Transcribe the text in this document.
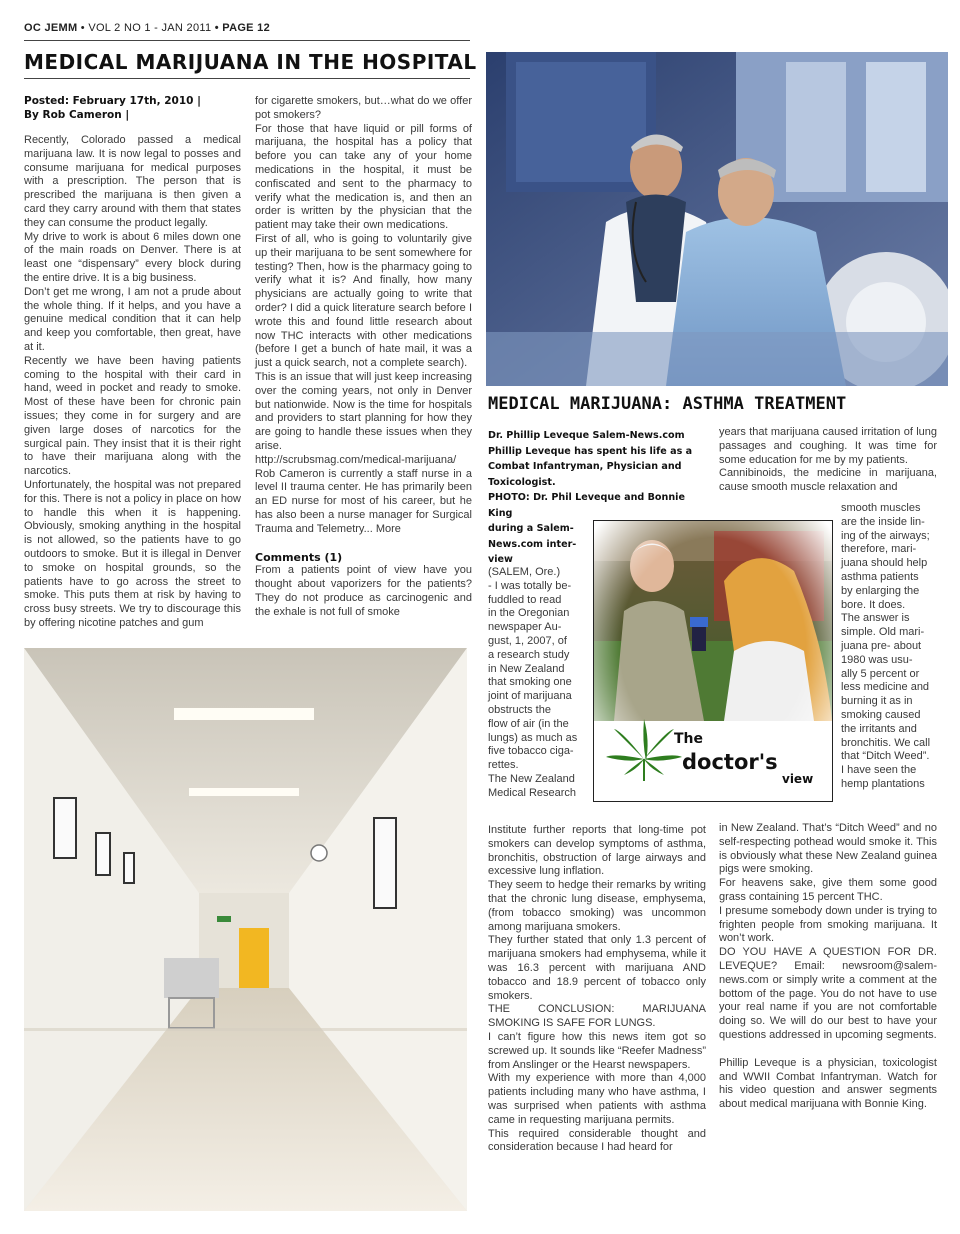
OC JEMM • VOL 2 NO 1 - JAN 2011 • PAGE 12
MEDICAL MARIJUANA IN THE HOSPITAL
Posted: February 17th, 2010 |
By Rob Cameron |

Recently, Colorado passed a medical marijuana law. It is now legal to posses and consume marijuana for medical purposes with a prescription. The person that is prescribed the marijuana is then given a card they carry around with them that states they can consume the product legally.

My drive to work is about 6 miles down one of the main roads on Denver. There is at least one “dispensary” every block during the entire drive. It is a big business.

Don’t get me wrong, I am not a prude about the whole thing. If it helps, and you have a genuine medical condition that it can help and keep you comfortable, then great, have at it.

Recently we have been having patients coming to the hospital with their card in hand, weed in pocket and ready to smoke. Most of these have been for chronic pain issues; they come in for surgery and are given large doses of narcotics for the surgical pain. They insist that it is their right to have their marijuana along with the narcotics.

Unfortunately, the hospital was not prepared for this. There is not a policy in place on how to handle this when it is happening. Obviously, smoking anything in the hospital is not allowed, so the patients have to go outdoors to smoke. But it is illegal in Denver to smoke on hospital grounds, so the patients have to go across the street to smoke. This puts them at risk by having to cross busy streets. We try to discourage this by offering nicotine patches and gum

for cigarette smokers, but…what do we offer pot smokers?

For those that have liquid or pill forms of marijuana, the hospital has a policy that before you can take any of your home medications in the hospital, it must be confiscated and sent to the pharmacy to verify what the medication is, and then an order is written by the physician that the patient may take their own medications.

First of all, who is going to voluntarily give up their marijuana to be sent somewhere for testing? Then, how is the pharmacy going to verify what it is? And finally, how many physicians are actually going to write that order? I did a quick literature search before I wrote this and found little research about now THC interacts with other medications (before I get a bunch of hate mail, it was a just a quick search, not a complete search).

This is an issue that will just keep increasing over the coming years, not only in Denver but nationwide. Now is the time for hospitals and providers to start planning for how they are going to handle these issues when they arise.

http://scrubsmag.com/medical-marijuana/

Rob Cameron is currently a staff nurse in a level II trauma center. He has primarily been an ED nurse for most of his career, but he has also been a nurse manager for Surgical Trauma and Telemetry... More

Comments (1)

From a patients point of view have you thought about vaporizers for the patients? They do not produce as carcinogenic and the exhale is not full of smoke

MEDICAL MARIJUANA: ASTHMA TREATMENT
Dr. Phillip Leveque Salem-News.com Phillip Leveque has spent his life as a Combat Infantryman, Physician and Toxicologist.
PHOTO: Dr. Phil Leveque and Bonnie King
during a Salem-
News.com inter-
view
(SALEM, Ore.)
- I was totally be-
fuddled to read
in the Oregonian
newspaper Au-
gust, 1, 2007, of
a research study
in New Zealand
that smoking one
joint of marijuana
obstructs the
flow of air (in the
lungs) as much as
five tobacco ciga-
rettes.
The New Zealand
Medical Research

Institute further reports that long-time pot smokers can develop symptoms of asthma, bronchitis, obstruction of large airways and excessive lung inflation.

They seem to hedge their remarks by writing that the chronic lung disease, emphysema, (from tobacco smoking) was uncommon among marijuana smokers.

They further stated that only 1.3 percent of marijuana smokers had emphysema, while it was 16.3 percent with marijuana AND tobacco and 18.9 percent of tobacco only smokers.

THE CONCLUSION: MARIJUANA SMOKING IS SAFE FOR LUNGS.

I can’t figure how this news item got so screwed up. It sounds like “Reefer Madness” from Anslinger or the Hearst newspapers.

With my experience with more than 4,000 patients including many who have asthma, I was surprised when patients with asthma came in requesting marijuana permits.

This required considerable thought and consideration because I had heard for

years that marijuana caused irritation of lung passages and coughing. It was time for some education for me by my patients.

Cannibinoids, the medicine in marijuana, cause smooth muscle relaxation and

smooth muscles
are the inside lin-
ing of the airways;
therefore, mari-
juana should help
asthma patients
by enlarging the
bore. It does.
The answer is
simple. Old mari-
juana pre- about
1980 was usu-
ally 5 percent or
less medicine and
burning it as in
smoking caused
the irritants and
bronchitis. We call
that “Ditch Weed”.
I have seen the
hemp plantations

in New Zealand. That’s “Ditch Weed” and no self-respecting pothead would smoke it. This is obviously what these New Zealand guinea pigs were smoking.

For heavens sake, give them some good grass containing 15 percent THC.

I presume somebody down under is trying to frighten people from smoking marijuana. It won’t work.

DO YOU HAVE A QUESTION FOR DR. LEVEQUE? Email: newsroom@salem-news.com or simply write a comment at the bottom of the page. You do not have to use your real name if you are not comfortable doing so. We will do our best to have your questions addressed in upcoming segments.

Phillip Leveque is a physician, toxicologist and WWII Combat Infantryman. Watch for his video question and answer segments about medical marijuana with Bonnie King.

The
doctor's
view
